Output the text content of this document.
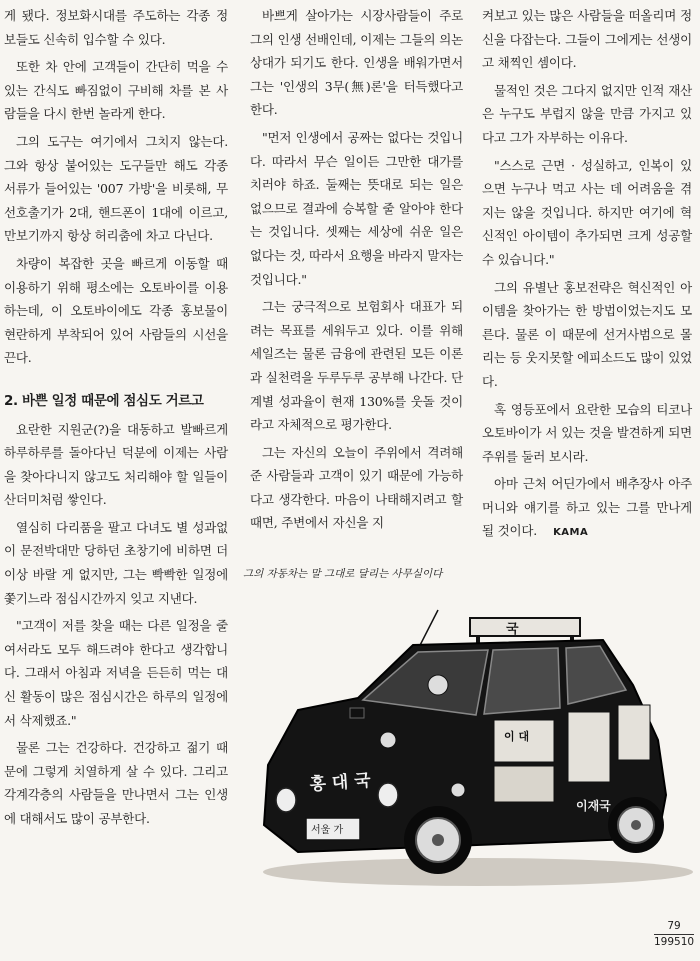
게 됐다. 정보화시대를 주도하는 각종 정보들도 신속히 입수할 수 있다.

또한 차 안에 고객들이 간단히 먹을 수 있는 간식도 빠짐없이 구비해 차를 본 사람들을 다시 한번 놀라게 한다.

그의 도구는 여기에서 그치지 않는다. 그와 항상 붙어있는 도구들만 해도 각종 서류가 들어있는 '007 가방'을 비롯해, 무선호출기가 2대, 핸드폰이 1대에 이르고, 만보기까지 항상 허리춤에 차고 다닌다.

차량이 복잡한 곳을 빠르게 이동할 때 이용하기 위해 평소에는 오토바이를 이용하는데, 이 오토바이에도 각종 홍보물이 현란하게 부착되어 있어 사람들의 시선을 끈다.

2. 바쁜 일정 때문에 점심도 거르고

요란한 지원군(?)을 대동하고 발빠르게 하루하루를 돌아다닌 덕분에 이제는 사람을 찾아다니지 않고도 처리해야 할 일들이 산더미처럼 쌓인다.

열심히 다리품을 팔고 다녀도 별 성과없이 문전박대만 당하던 초창기에 비하면 더 이상 바랄 게 없지만, 그는 빡빡한 일정에 쫓기느라 점심시간까지 잊고 지낸다.

"고객이 저를 찾을 때는 다른 일정을 줄여서라도 모두 해드려야 한다고 생각합니다. 그래서 아침과 저녁을 든든히 먹는 대신 활동이 많은 점심시간은 하루의 일정에서 삭제했죠."

물론 그는 건강하다. 건강하고 젊기 때문에 그렇게 치열하게 살 수 있다. 그리고 각계각층의 사람들을 만나면서 그는 인생에 대해서도 많이 공부한다.

바쁘게 살아가는 시장사람들이 주로 그의 인생 선배인데, 이제는 그들의 의논상대가 되기도 한다. 인생을 배워가면서 그는 '인생의 3무(無)론'을 터득했다고 한다.

"먼저 인생에서 공짜는 없다는 것입니다. 따라서 무슨 일이든 그만한 대가를 치러야 하죠. 둘째는 뜻대로 되는 일은 없으므로 결과에 승복할 줄 알아야 한다는 것입니다. 셋째는 세상에 쉬운 일은 없다는 것, 따라서 요행을 바라지 말자는 것입니다."

그는 궁극적으로 보험회사 대표가 되려는 목표를 세워두고 있다. 이를 위해 세일즈는 물론 금융에 관련된 모든 이론과 실천력을 두루두루 공부해 나간다. 단계별 성과율이 현재 130%를 웃돌 것이라고 자체적으로 평가한다.

그는 자신의 오늘이 주위에서 격려해준 사람들과 고객이 있기 때문에 가능하다고 생각한다. 마음이 나태해지려고 할 때면, 주변에서 자신을 지

켜보고 있는 많은 사람들을 떠올리며 정신을 다잡는다. 그들이 그에게는 선생이고 채찍인 셈이다.

물적인 것은 그다지 없지만 인적 재산은 누구도 부럽지 않을 만큼 가지고 있다고 그가 자부하는 이유다.

"스스로 근면 · 성실하고, 인복이 있으면 누구나 먹고 사는 데 어려움을 겪지는 않을 것입니다. 하지만 여기에 혁신적인 아이템이 추가되면 크게 성공할 수 있습니다."

그의 유별난 홍보전략은 혁신적인 아이템을 찾아가는 한 방법이었는지도 모른다. 물론 이 때문에 선거사범으로 몰리는 등 웃지못할 에피소드도 많이 있었다.

혹 영등포에서 요란한 모습의 티코나 오토바이가 서 있는 것을 발견하게 되면 주위를 둘러 보시라.

아마 근처 어딘가에서 배추장사 아주머니와 얘기를 하고 있는 그를 만나게 될 것이다. KAMA

그의 자동차는 말 그대로 달리는 사무실이다
국
홍 대 국
이 대
이재국
서울 가
79
199510
